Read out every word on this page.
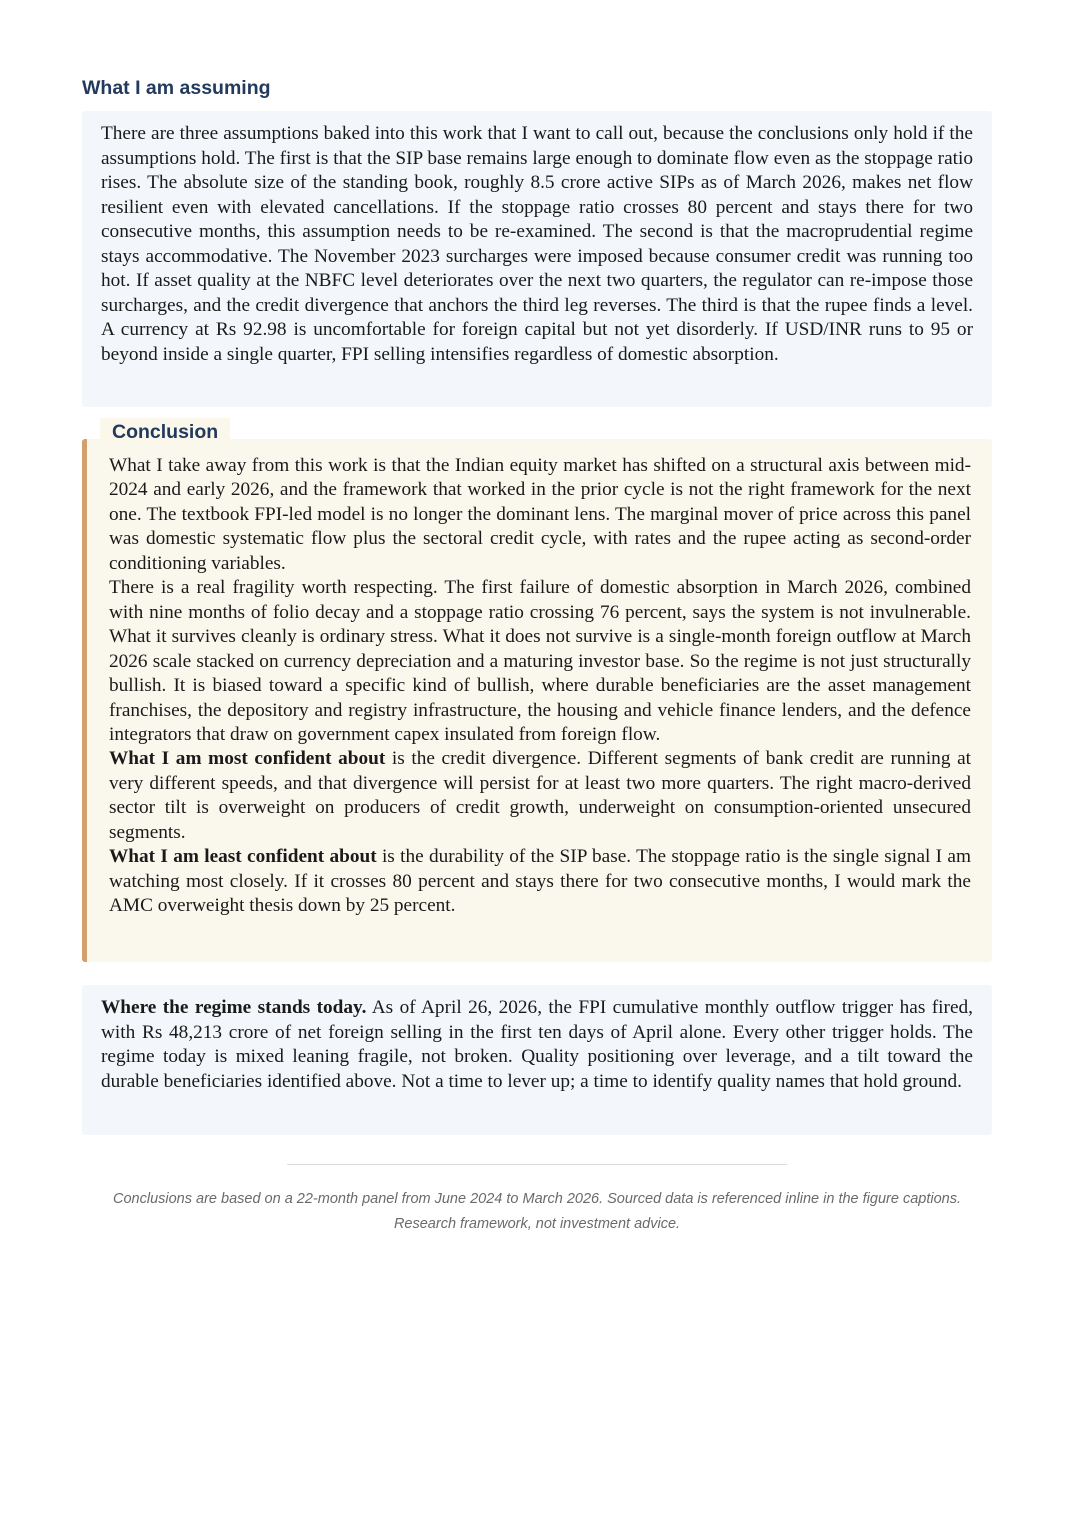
What I am assuming

There are three assumptions baked into this work that I want to call out, because the conclusions only hold if the assumptions hold. The first is that the SIP base remains large enough to dominate flow even as the stoppage ratio rises. The absolute size of the standing book, roughly 8.5 crore active SIPs as of March 2026, makes net flow resilient even with elevated cancellations. If the stoppage ratio crosses 80 percent and stays there for two consecutive months, this assumption needs to be re-examined. The second is that the macroprudential regime stays accommodative. The November 2023 surcharges were imposed because consumer credit was running too hot. If asset quality at the NBFC level deteriorates over the next two quarters, the regulator can re-impose those surcharges, and the credit divergence that anchors the third leg reverses. The third is that the rupee finds a level. A currency at Rs 92.98 is uncomfortable for foreign capital but not yet disorderly. If USD/INR runs to 95 or beyond inside a single quarter, FPI selling intensifies regardless of domestic absorption.

Conclusion

What I take away from this work is that the Indian equity market has shifted on a structural axis between mid-2024 and early 2026, and the framework that worked in the prior cycle is not the right framework for the next one. The textbook FPI-led model is no longer the dominant lens. The marginal mover of price across this panel was domestic systematic flow plus the sectoral credit cycle, with rates and the rupee acting as second-order conditioning variables.

There is a real fragility worth respecting. The first failure of domestic absorption in March 2026, combined with nine months of folio decay and a stoppage ratio crossing 76 percent, says the system is not invulnerable. What it survives cleanly is ordinary stress. What it does not survive is a single-month foreign outflow at March 2026 scale stacked on currency depreciation and a maturing investor base. So the regime is not just structurally bullish. It is biased toward a specific kind of bullish, where durable beneficiaries are the asset management franchises, the depository and registry infrastructure, the housing and vehicle finance lenders, and the defence integrators that draw on government capex insulated from foreign flow.

What I am most confident about is the credit divergence. Different segments of bank credit are running at very different speeds, and that divergence will persist for at least two more quarters. The right macro-derived sector tilt is overweight on producers of credit growth, underweight on consumption-oriented unsecured segments.

What I am least confident about is the durability of the SIP base. The stoppage ratio is the single signal I am watching most closely. If it crosses 80 percent and stays there for two consecutive months, I would mark the AMC overweight thesis down by 25 percent.

Where the regime stands today. As of April 26, 2026, the FPI cumulative monthly outflow trigger has fired, with Rs 48,213 crore of net foreign selling in the first ten days of April alone. Every other trigger holds. The regime today is mixed leaning fragile, not broken. Quality positioning over leverage, and a tilt toward the durable beneficiaries identified above. Not a time to lever up; a time to identify quality names that hold ground.

Conclusions are based on a 22-month panel from June 2024 to March 2026. Sourced data is referenced inline in the figure captions.
Research framework, not investment advice.
